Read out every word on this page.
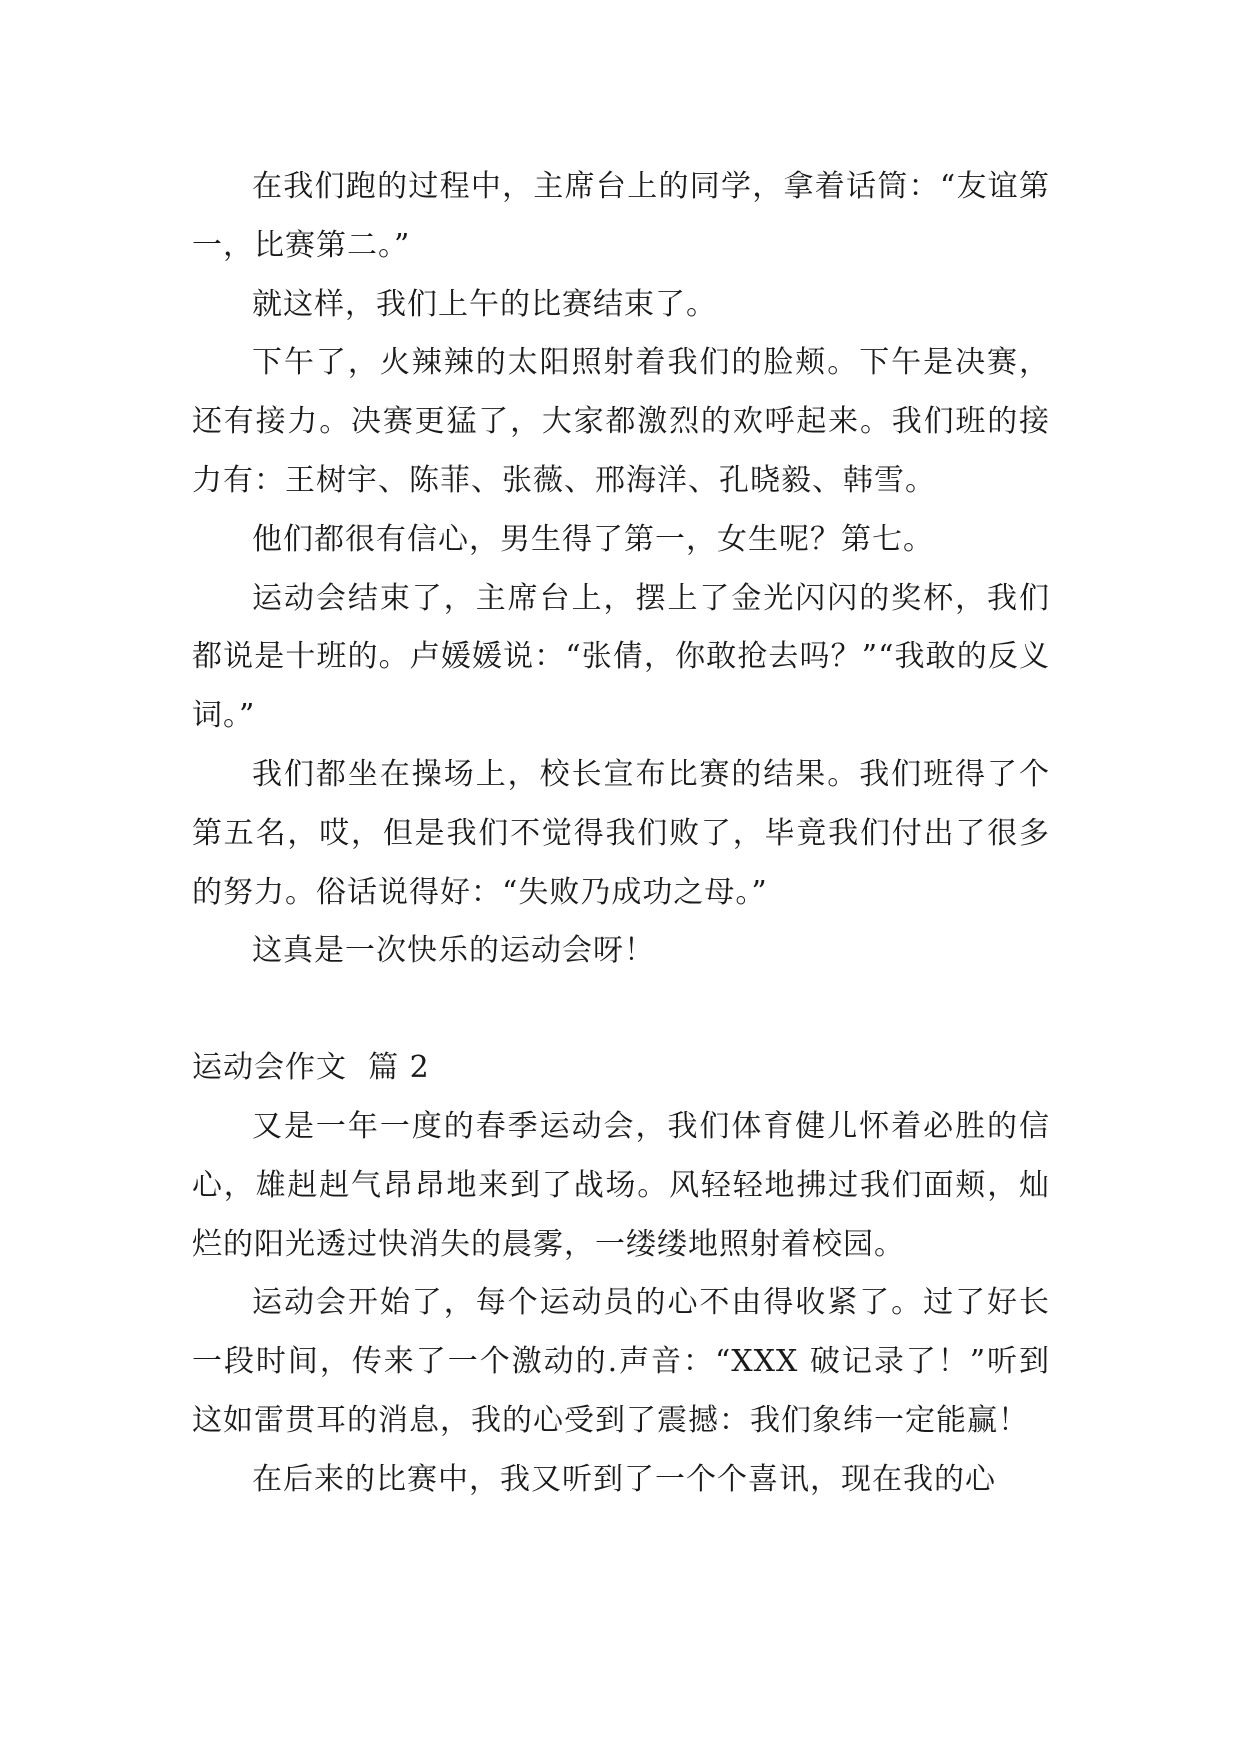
在我们跑的过程中，主席台上的同学，拿着话筒：“友谊第一，比赛第二。”

就这样，我们上午的比赛结束了。

下午了，火辣辣的太阳照射着我们的脸颊。下午是决赛，还有接力。决赛更猛了，大家都激烈的欢呼起来。我们班的接力有：王树宇、陈菲、张薇、邢海洋、孔晓毅、韩雪。

他们都很有信心，男生得了第一，女生呢？第七。

运动会结束了，主席台上，摆上了金光闪闪的奖杯，我们都说是十班的。卢媛媛说：“张倩，你敢抢去吗？”“我敢的反义词。”

我们都坐在操场上，校长宣布比赛的结果。我们班得了个第五名，哎，但是我们不觉得我们败了，毕竟我们付出了很多的努力。俗话说得好：“失败乃成功之母。”

这真是一次快乐的运动会呀！

运动会作文  篇 2

又是一年一度的春季运动会，我们体育健儿怀着必胜的信心，雄赳赳气昂昂地来到了战场。风轻轻地拂过我们面颊，灿烂的阳光透过快消失的晨雾，一缕缕地照射着校园。

运动会开始了，每个运动员的心不由得收紧了。过了好长一段时间，传来了一个激动的.声音：“XXX 破记录了！”听到这如雷贯耳的消息，我的心受到了震撼：我们象纬一定能赢！

在后来的比赛中，我又听到了一个个喜讯，现在我的心
